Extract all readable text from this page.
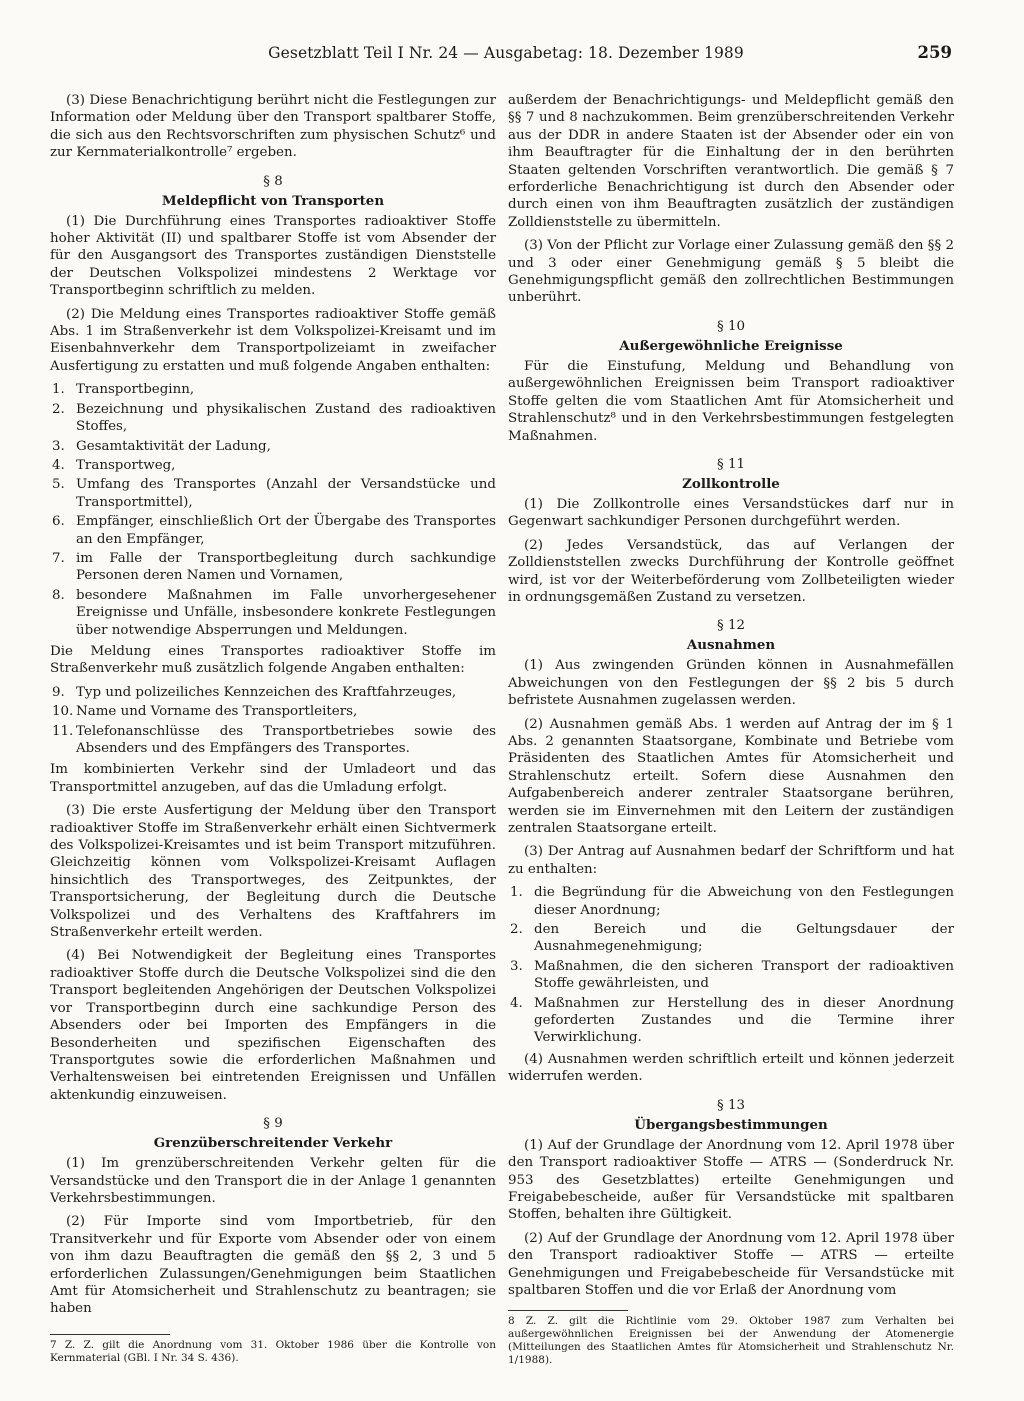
Gesetzblatt Teil I Nr. 24 — Ausgabetag: 18. Dezember 1989	259

(3) Diese Benachrichtigung berührt nicht die Festlegungen zur Information oder Meldung über den Transport spaltbarer Stoffe, die sich aus den Rechtsvorschriften zum physischen Schutz⁶ und zur Kernmaterialkontrolle⁷ ergeben.

§ 8
Meldepflicht von Transporten

(1) Die Durchführung eines Transportes radioaktiver Stoffe hoher Aktivität (II) und spaltbarer Stoffe ist vom Absender der für den Ausgangsort des Transportes zuständigen Dienststelle der Deutschen Volkspolizei mindestens 2 Werktage vor Transportbeginn schriftlich zu melden.

(2) Die Meldung eines Transportes radioaktiver Stoffe gemäß Abs. 1 im Straßenverkehr ist dem Volkspolizei-Kreisamt und im Eisenbahnverkehr dem Transportpolizeiamt in zweifacher Ausfertigung zu erstatten und muß folgende Angaben enthalten:

1. Transportbeginn,
2. Bezeichnung und physikalischen Zustand des radioaktiven Stoffes,
3. Gesamtaktivität der Ladung,
4. Transportweg,
5. Umfang des Transportes (Anzahl der Versandstücke und Transportmittel),
6. Empfänger, einschließlich Ort der Übergabe des Transportes an den Empfänger,
7. im Falle der Transportbegleitung durch sachkundige Personen deren Namen und Vornamen,
8. besondere Maßnahmen im Falle unvorhergesehener Ereignisse und Unfälle, insbesondere konkrete Festlegungen über notwendige Absperrungen und Meldungen.

Die Meldung eines Transportes radioaktiver Stoffe im Straßenverkehr muß zusätzlich folgende Angaben enthalten:

9. Typ und polizeiliches Kennzeichen des Kraftfahrzeuges,
10. Name und Vorname des Transportleiters,
11. Telefonanschlüsse des Transportbetriebes sowie des Absenders und des Empfängers des Transportes.

Im kombinierten Verkehr sind der Umladeort und das Transportmittel anzugeben, auf das die Umladung erfolgt.

(3) Die erste Ausfertigung der Meldung über den Transport radioaktiver Stoffe im Straßenverkehr erhält einen Sichtvermerk des Volkspolizei-Kreisamtes und ist beim Transport mitzuführen. Gleichzeitig können vom Volkspolizei-Kreisamt Auflagen hinsichtlich des Transportweges, des Zeitpunktes, der Transportsicherung, der Begleitung durch die Deutsche Volkspolizei und des Verhaltens des Kraftfahrers im Straßenverkehr erteilt werden.

(4) Bei Notwendigkeit der Begleitung eines Transportes radioaktiver Stoffe durch die Deutsche Volkspolizei sind die den Transport begleitenden Angehörigen der Deutschen Volkspolizei vor Transportbeginn durch eine sachkundige Person des Absenders oder bei Importen des Empfängers in die Besonderheiten und spezifischen Eigenschaften des Transportgutes sowie die erforderlichen Maßnahmen und Verhaltensweisen bei eintretenden Ereignissen und Unfällen aktenkundig einzuweisen.

§ 9
Grenzüberschreitender Verkehr

(1) Im grenzüberschreitenden Verkehr gelten für die Versandstücke und den Transport die in der Anlage 1 genannten Verkehrsbestimmungen.

(2) Für Importe sind vom Importbetrieb, für den Transitverkehr und für Exporte vom Absender oder von einem von ihm dazu Beauftragten die gemäß den §§ 2, 3 und 5 erforderlichen Zulassungen/Genehmigungen beim Staatlichen Amt für Atomsicherheit und Strahlenschutz zu beantragen; sie haben

7 Z. Z. gilt die Anordnung vom 31. Oktober 1986 über die Kontrolle von Kernmaterial (GBl. I Nr. 34 S. 436).

außerdem der Benachrichtigungs- und Meldepflicht gemäß den §§ 7 und 8 nachzukommen. Beim grenzüberschreitenden Verkehr aus der DDR in andere Staaten ist der Absender oder ein von ihm Beauftragter für die Einhaltung der in den berührten Staaten geltenden Vorschriften verantwortlich. Die gemäß § 7 erforderliche Benachrichtigung ist durch den Absender oder durch einen von ihm Beauftragten zusätzlich der zuständigen Zolldienststelle zu übermitteln.

(3) Von der Pflicht zur Vorlage einer Zulassung gemäß den §§ 2 und 3 oder einer Genehmigung gemäß § 5 bleibt die Genehmigungspflicht gemäß den zollrechtlichen Bestimmungen unberührt.

§ 10
Außergewöhnliche Ereignisse

Für die Einstufung, Meldung und Behandlung von außergewöhnlichen Ereignissen beim Transport radioaktiver Stoffe gelten die vom Staatlichen Amt für Atomsicherheit und Strahlenschutz⁸ und in den Verkehrsbestimmungen festgelegten Maßnahmen.

§ 11
Zollkontrolle

(1) Die Zollkontrolle eines Versandstückes darf nur in Gegenwart sachkundiger Personen durchgeführt werden.

(2) Jedes Versandstück, das auf Verlangen der Zolldienststellen zwecks Durchführung der Kontrolle geöffnet wird, ist vor der Weiterbeförderung vom Zollbeteiligten wieder in ordnungsgemäßen Zustand zu versetzen.

§ 12
Ausnahmen

(1) Aus zwingenden Gründen können in Ausnahmefällen Abweichungen von den Festlegungen der §§ 2 bis 5 durch befristete Ausnahmen zugelassen werden.

(2) Ausnahmen gemäß Abs. 1 werden auf Antrag der im § 1 Abs. 2 genannten Staatsorgane, Kombinate und Betriebe vom Präsidenten des Staatlichen Amtes für Atomsicherheit und Strahlenschutz erteilt. Sofern diese Ausnahmen den Aufgabenbereich anderer zentraler Staatsorgane berühren, werden sie im Einvernehmen mit den Leitern der zuständigen zentralen Staatsorgane erteilt.

(3) Der Antrag auf Ausnahmen bedarf der Schriftform und hat zu enthalten:

1. die Begründung für die Abweichung von den Festlegungen dieser Anordnung;
2. den Bereich und die Geltungsdauer der Ausnahmegenehmigung;
3. Maßnahmen, die den sicheren Transport der radioaktiven Stoffe gewährleisten, und
4. Maßnahmen zur Herstellung des in dieser Anordnung geforderten Zustandes und die Termine ihrer Verwirklichung.

(4) Ausnahmen werden schriftlich erteilt und können jederzeit widerrufen werden.

§ 13
Übergangsbestimmungen

(1) Auf der Grundlage der Anordnung vom 12. April 1978 über den Transport radioaktiver Stoffe — ATRS — (Sonderdruck Nr. 953 des Gesetzblattes) erteilte Genehmigungen und Freigabebescheide, außer für Versandstücke mit spaltbaren Stoffen, behalten ihre Gültigkeit.

(2) Auf der Grundlage der Anordnung vom 12. April 1978 über den Transport radioaktiver Stoffe — ATRS — erteilte Genehmigungen und Freigabebescheide für Versandstücke mit spaltbaren Stoffen und die vor Erlaß der Anordnung vom

8 Z. Z. gilt die Richtlinie vom 29. Oktober 1987 zum Verhalten bei außergewöhnlichen Ereignissen bei der Anwendung der Atomenergie (Mitteilungen des Staatlichen Amtes für Atomsicherheit und Strahlenschutz Nr. 1/1988).
